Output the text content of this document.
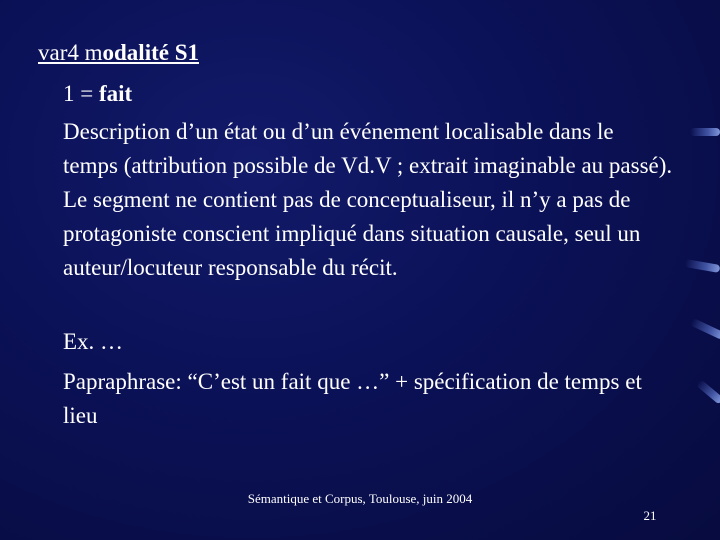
var4 modalité S1
1 = fait
Description d’un état ou d’un événement localisable dans le temps (attribution possible de Vd.V ; extrait imaginable au passé). Le segment ne contient pas de conceptualiseur, il n’y a pas de protagoniste conscient impliqué dans situation causale, seul un auteur/locuteur responsable du récit.
Ex. …
Papraphrase: “C’est un fait que …” + spécification de temps et lieu
Sémantique et Corpus, Toulouse, juin 2004
21
